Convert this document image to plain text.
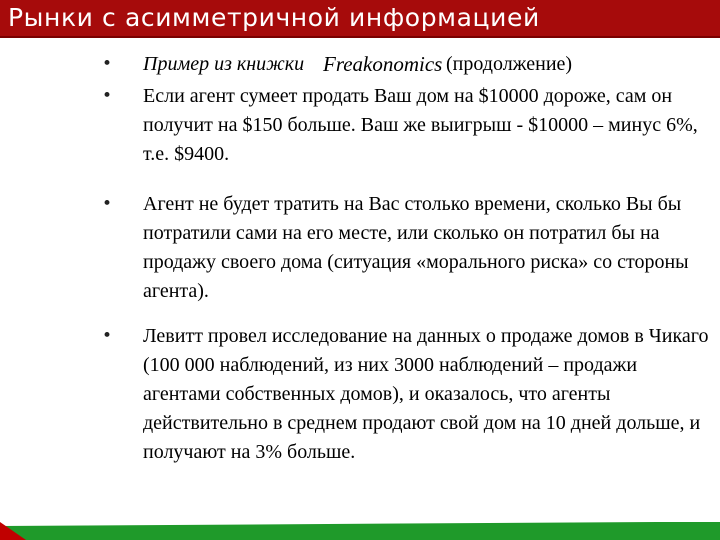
Рынки с асимметричной информацией
• Пример из книжки Freakonomics (продолжение)
• Если агент сумеет продать Ваш дом на $10000 дороже, сам он получит на $150 больше. Ваш же выигрыш - $10000 – минус 6%, т.е. $9400.
• Агент не будет тратить на Вас столько времени, сколько Вы бы потратили сами на его месте, или сколько он потратил бы на продажу своего дома (ситуация «морального риска» со стороны агента).
• Левитт провел исследование на данных о продаже домов в Чикаго (100 000 наблюдений, из них 3000 наблюдений – продажи агентами собственных домов), и оказалось, что агенты действительно в среднем продают свой дом на 10 дней дольше, и получают на 3% больше.
